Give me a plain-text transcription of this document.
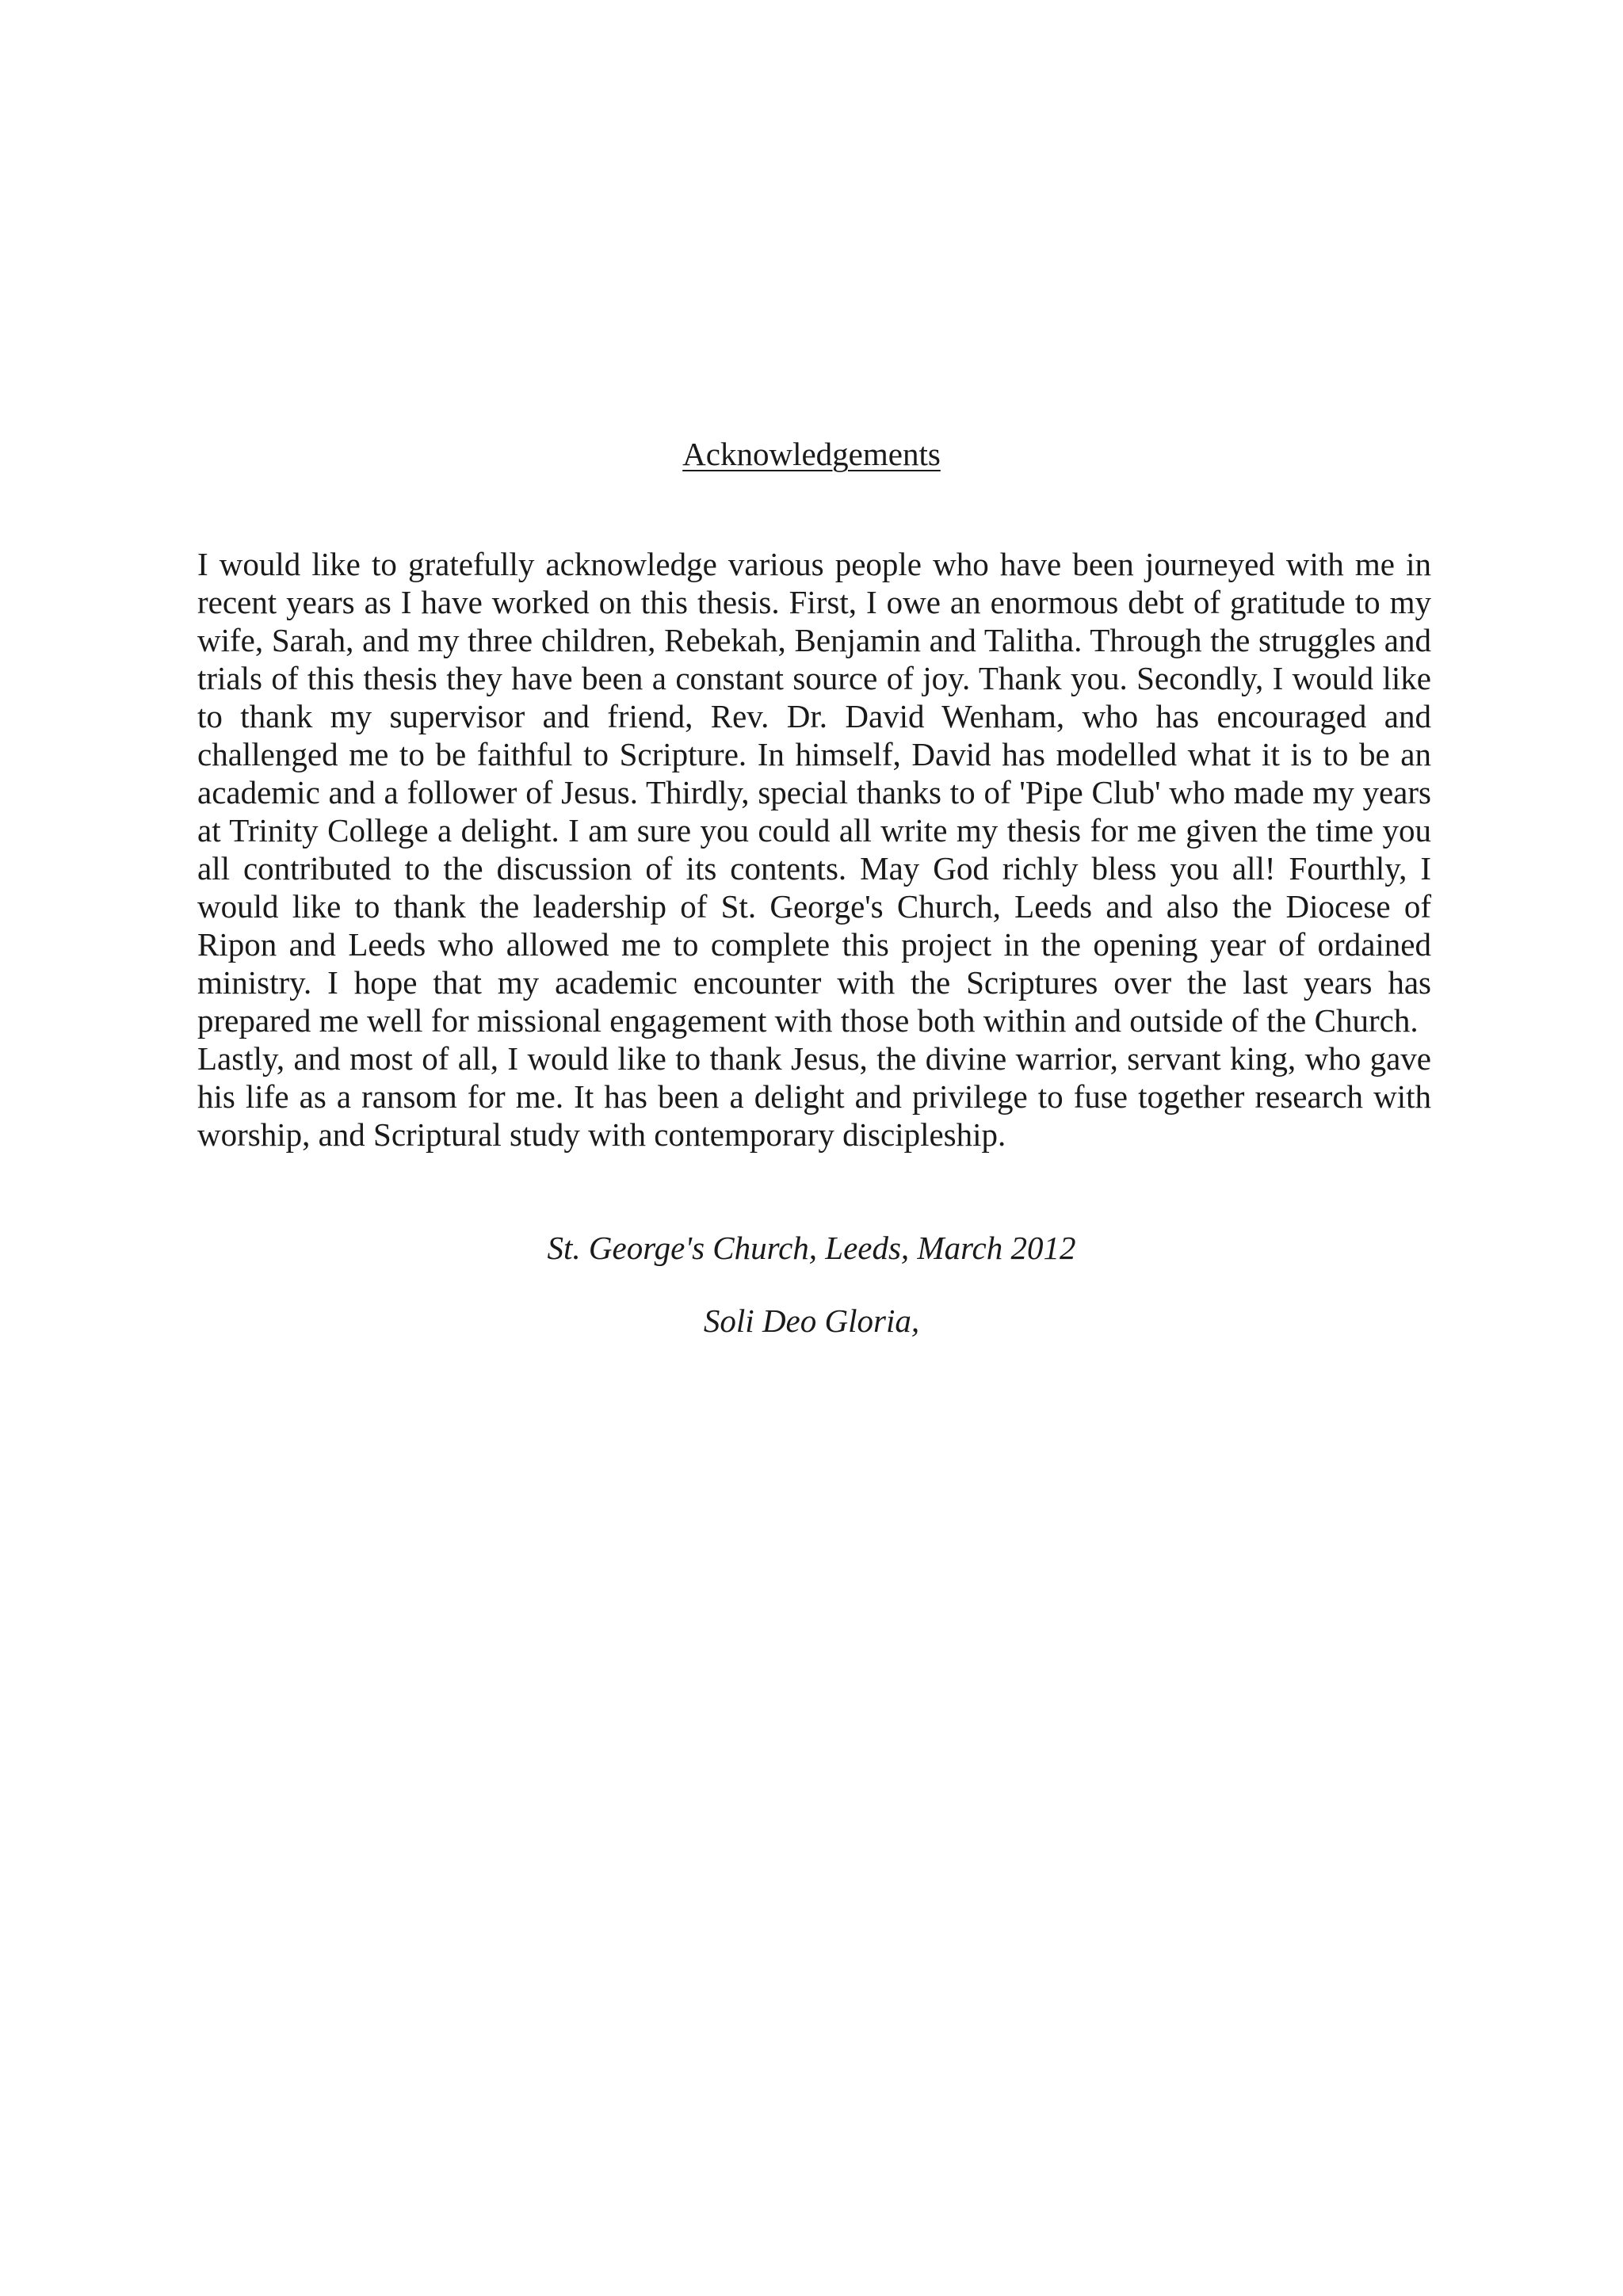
Acknowledgements

I would like to gratefully acknowledge various people who have been journeyed with me in recent years as I have worked on this thesis. First, I owe an enormous debt of gratitude to my wife, Sarah, and my three children, Rebekah, Benjamin and Talitha. Through the struggles and trials of this thesis they have been a constant source of joy. Thank you. Secondly, I would like to thank my supervisor and friend, Rev. Dr. David Wenham, who has encouraged and challenged me to be faithful to Scripture. In himself, David has modelled what it is to be an academic and a follower of Jesus. Thirdly, special thanks to of 'Pipe Club' who made my years at Trinity College a delight. I am sure you could all write my thesis for me given the time you all contributed to the discussion of its contents. May God richly bless you all! Fourthly, I would like to thank the leadership of St. George's Church, Leeds and also the Diocese of Ripon and Leeds who allowed me to complete this project in the opening year of ordained ministry. I hope that my academic encounter with the Scriptures over the last years has prepared me well for missional engagement with those both within and outside of the Church.

Lastly, and most of all, I would like to thank Jesus, the divine warrior, servant king, who gave his life as a ransom for me. It has been a delight and privilege to fuse together research with worship, and Scriptural study with contemporary discipleship.

St. George's Church, Leeds, March 2012
Soli Deo Gloria,
